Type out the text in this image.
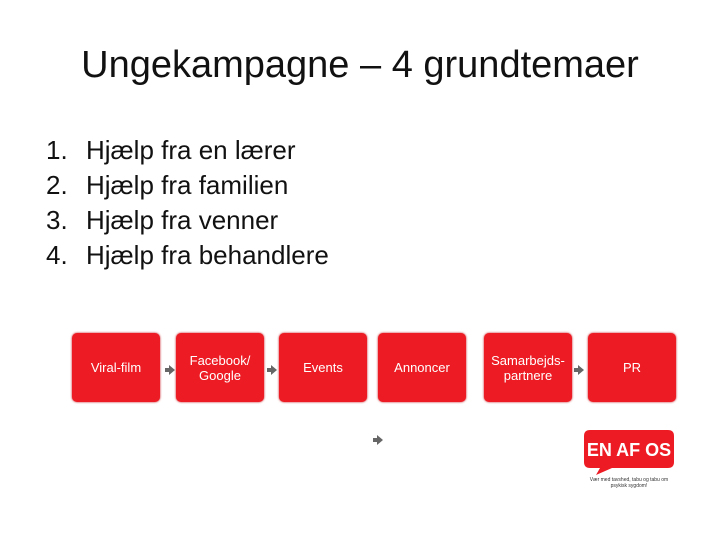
Ungekampagne – 4 grundtemaer
1. Hjælp fra en lærer
2. Hjælp fra familien
3. Hjælp fra venner
4. Hjælp fra behandlere
Viral-film	Facebook/ Google	Events	Annoncer	Samarbejds-partnere	PR
EN AF OS
Vær med tavshed, tabu og tabu om psykisk sygdom!
